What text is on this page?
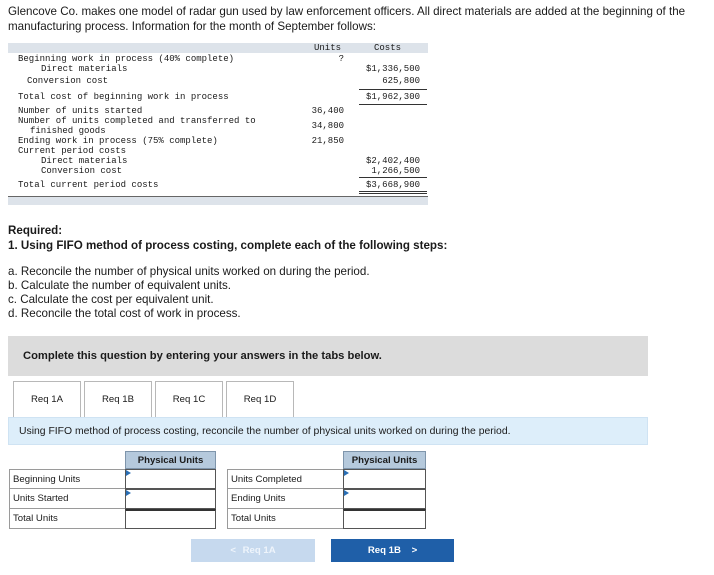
Glencove Co. makes one model of radar gun used by law enforcement officers. All direct materials are added at the beginning of the manufacturing process. Information for the month of September follows:
Units	Costs
Beginning work in process (40% complete)	?
Direct materials	$1,336,500
Conversion cost	625,800
Total cost of beginning work in process	$1,962,300
Number of units started	36,400
Number of units completed and transferred to	34,800
finished goods
Ending work in process (75% complete)	21,850
Current period costs
Direct materials	$2,402,400
Conversion cost	1,266,500
Total current period costs	$3,668,900
Required:
1. Using FIFO method of process costing, complete each of the following steps:
a. Reconcile the number of physical units worked on during the period.
b. Calculate the number of equivalent units.
c. Calculate the cost per equivalent unit.
d. Reconcile the total cost of work in process.
Complete this question by entering your answers in the tabs below.
Req 1A	Req 1B	Req 1C	Req 1D
Using FIFO method of process costing, reconcile the number of physical units worked on during the period.
Physical Units
Beginning Units
Units Started
Total Units
Physical Units
Units Completed
Ending Units
Total Units
< Req 1A	Req 1B >
